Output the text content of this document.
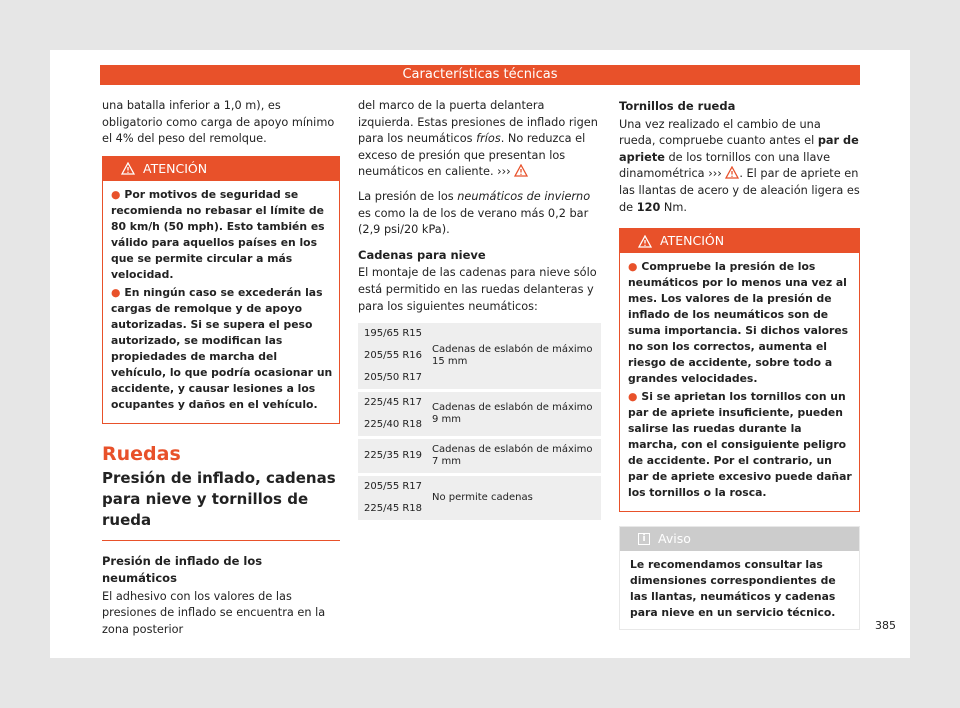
Características técnicas

una batalla inferior a 1,0 m), es obligatorio como carga de apoyo mínimo el 4% del peso del remolque.

ATENCIÓN
● Por motivos de seguridad se recomienda no rebasar el límite de 80 km/h (50 mph). Esto también es válido para aquellos países en los que se permite circular a más velocidad.
● En ningún caso se excederán las cargas de remolque y de apoyo autorizadas. Si se supera el peso autorizado, se modifican las propiedades de marcha del vehículo, lo que podría ocasionar un accidente, y causar lesiones a los ocupantes y daños en el vehículo.
Ruedas
Presión de inflado, cadenas para nieve y tornillos de rueda
Presión de inflado de los neumáticos

El adhesivo con los valores de las presiones de inflado se encuentra en la zona posterior

del marco de la puerta delantera izquierda. Estas presiones de inflado rigen para los neumáticos fríos. No reduzca el exceso de presión que presentan los neumáticos en caliente. ›››

La presión de los neumáticos de invierno es como la de los de verano más 0,2 bar (2,9 psi/20 kPa).

Cadenas para nieve

El montaje de las cadenas para nieve sólo está permitido en las ruedas delanteras y para los siguientes neumáticos:

195/65 R15	Cadenas de eslabón de máximo 15 mm
205/55 R16	
205/50 R17	

225/45 R17	Cadenas de eslabón de máximo 9 mm
225/40 R18	

225/35 R19	Cadenas de eslabón de máximo 7 mm

205/55 R17	No permite cadenas
225/45 R18	
Tornillos de rueda

Una vez realizado el cambio de una rueda, compruebe cuanto antes el par de apriete de los tornillos con una llave dinamométrica ››› . El par de apriete en las llantas de acero y de aleación ligera es de 120 Nm.

ATENCIÓN
● Compruebe la presión de los neumáticos por lo menos una vez al mes. Los valores de la presión de inflado de los neumáticos son de suma importancia. Si dichos valores no son los correctos, aumenta el riesgo de accidente, sobre todo a grandes velocidades.
● Si se aprietan los tornillos con un par de apriete insuficiente, pueden salirse las ruedas durante la marcha, con el consiguiente peligro de accidente. Por el contrario, un par de apriete excesivo puede dañar los tornillos o la rosca.
i Aviso
Le recomendamos consultar las dimensiones correspondientes de las llantas, neumáticos y cadenas para nieve en un servicio técnico.
385
